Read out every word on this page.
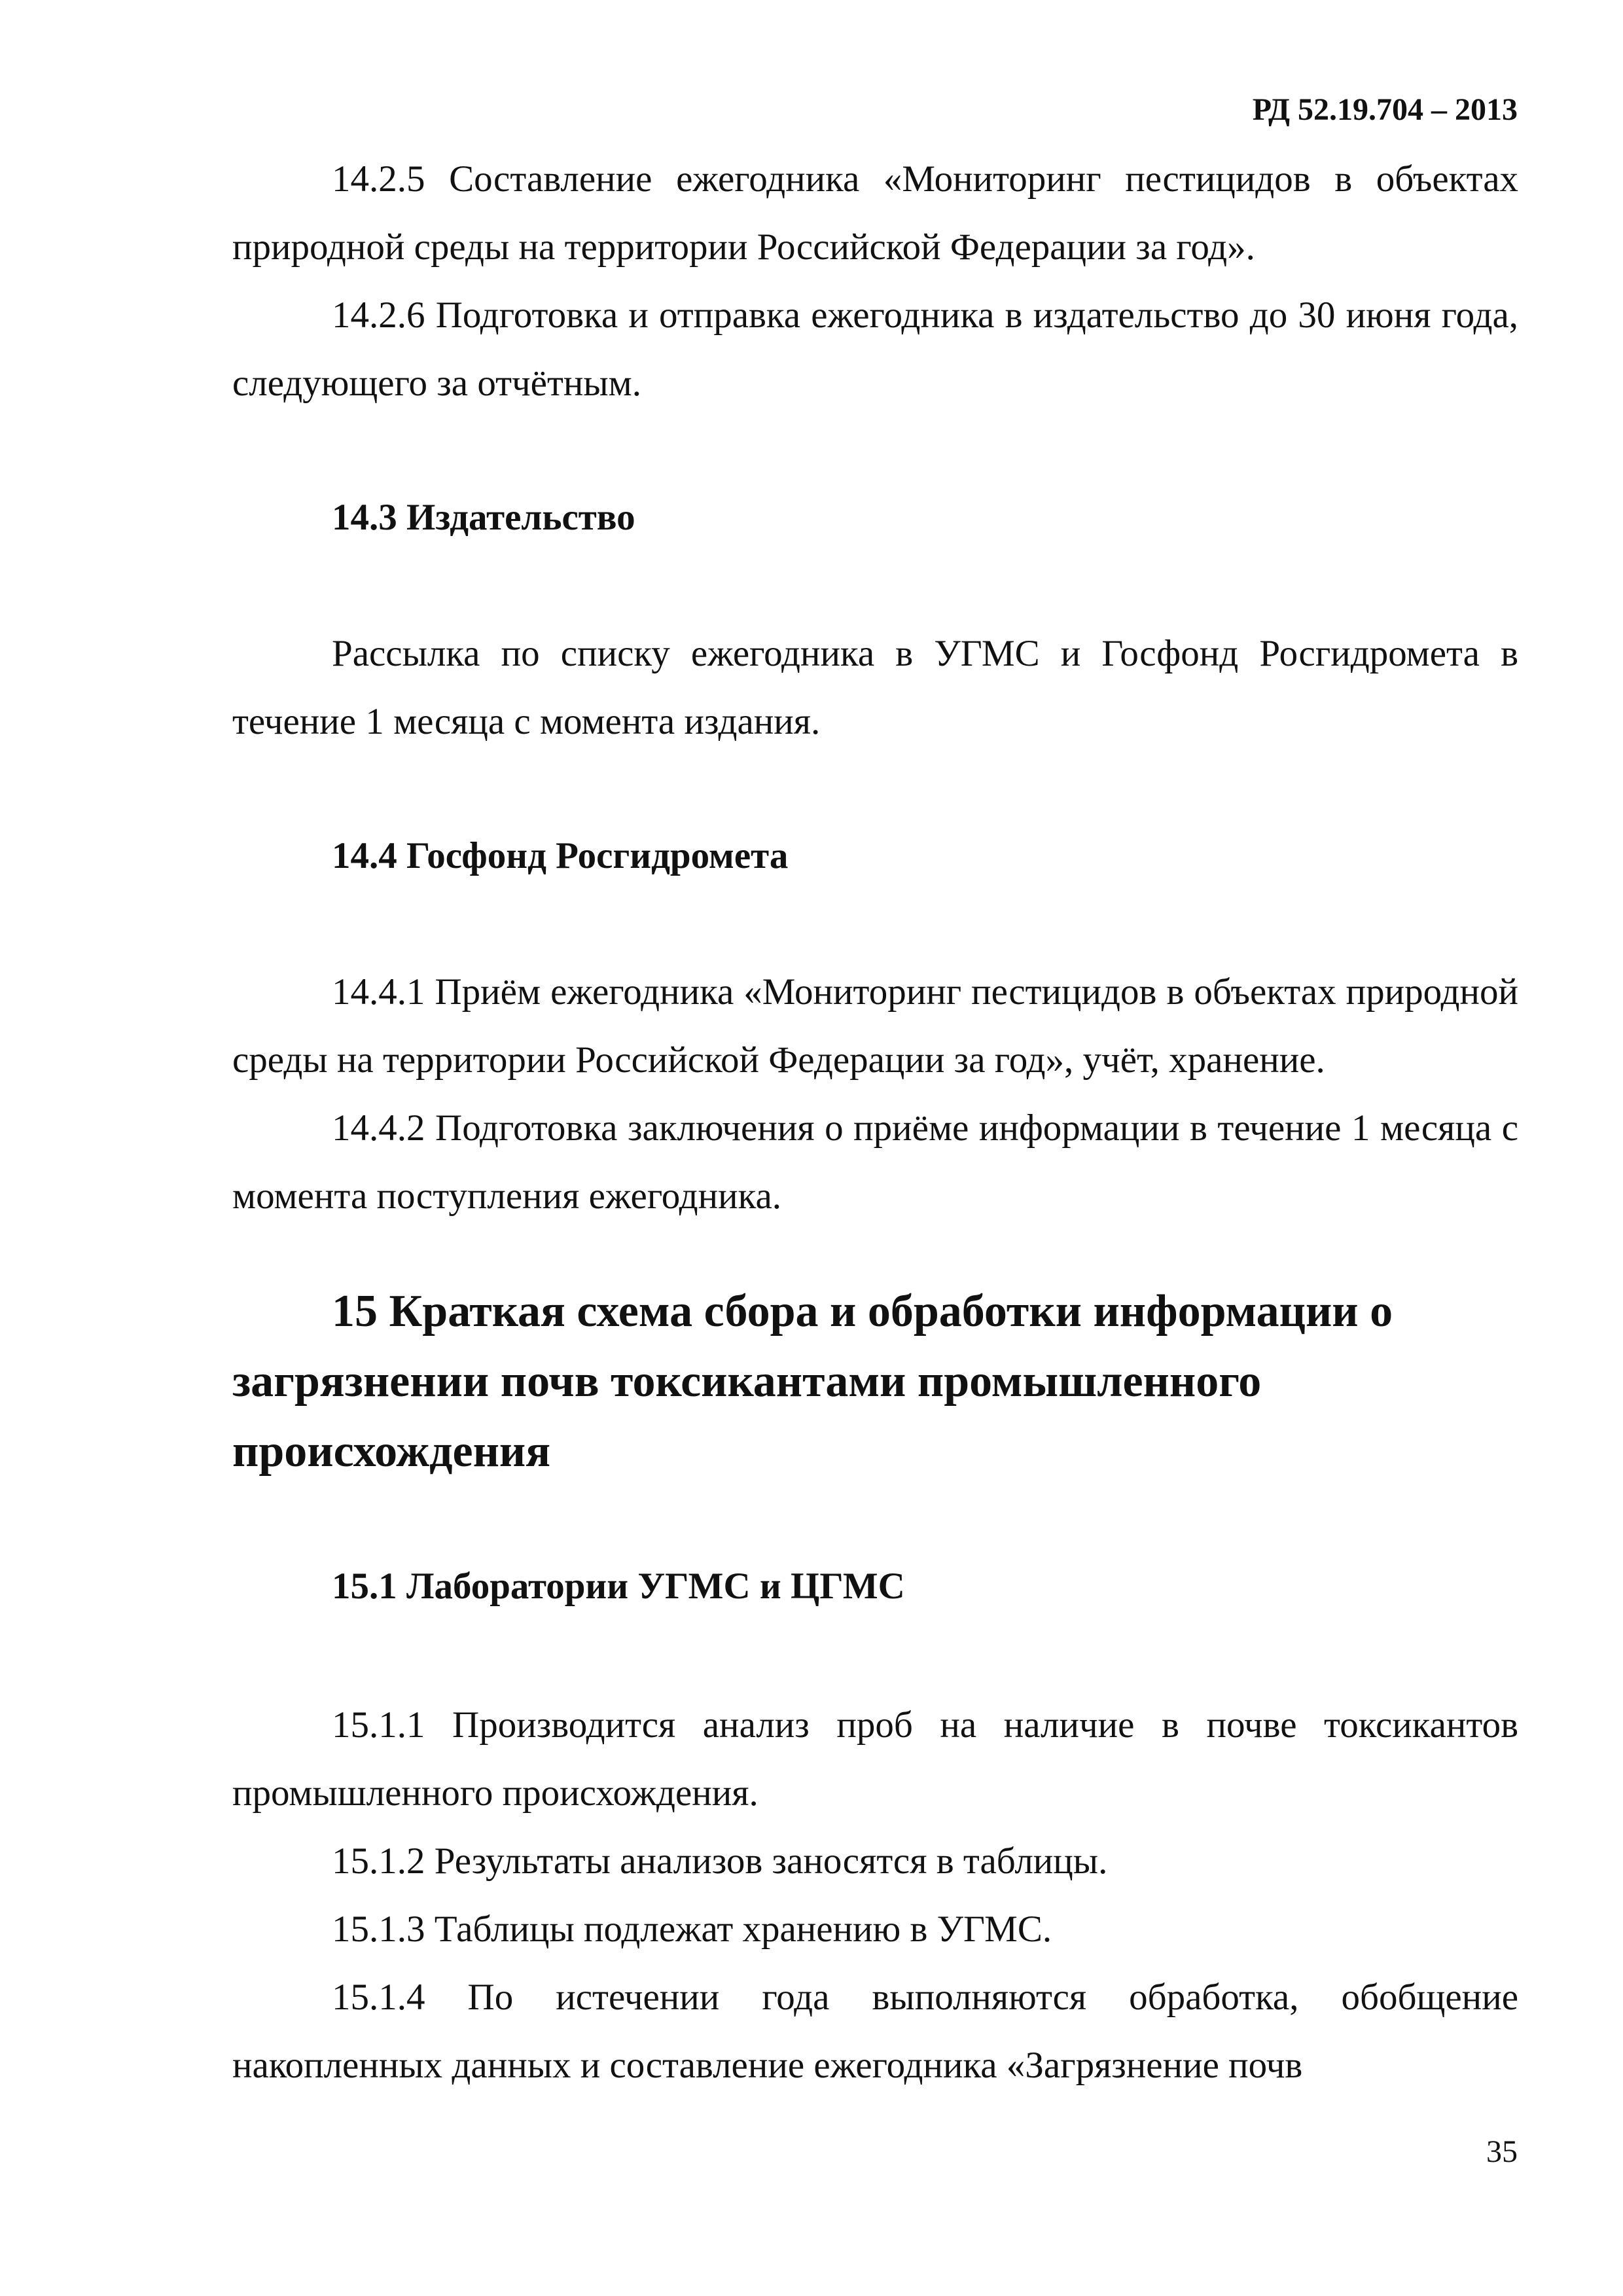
РД 52.19.704 – 2013

14.2.5 Составление ежегодника «Мониторинг пестицидов в объектах природной среды на территории Российской Федерации за год».

14.2.6 Подготовка и отправка ежегодника в издательство до 30 июня года, следующего за отчётным.

14.3 Издательство

Рассылка по списку ежегодника в УГМС и Госфонд Росгидромета в течение 1 месяца с момента издания.

14.4 Госфонд Росгидромета

14.4.1 Приём ежегодника «Мониторинг пестицидов в объектах природной среды на территории Российской Федерации за год», учёт, хранение.

14.4.2 Подготовка заключения о приёме информации в течение 1 месяца с момента поступления ежегодника.

15 Краткая схема сбора и обработки информации о загрязнении почв токсикантами промышленного происхождения

15.1 Лаборатории УГМС и ЦГМС

15.1.1 Производится анализ проб на наличие в почве токсикантов промышленного происхождения.

15.1.2 Результаты анализов заносятся в таблицы.

15.1.3 Таблицы подлежат хранению в УГМС.

15.1.4 По истечении года выполняются обработка, обобщение накопленных данных и составление ежегодника «Загрязнение почв

35
